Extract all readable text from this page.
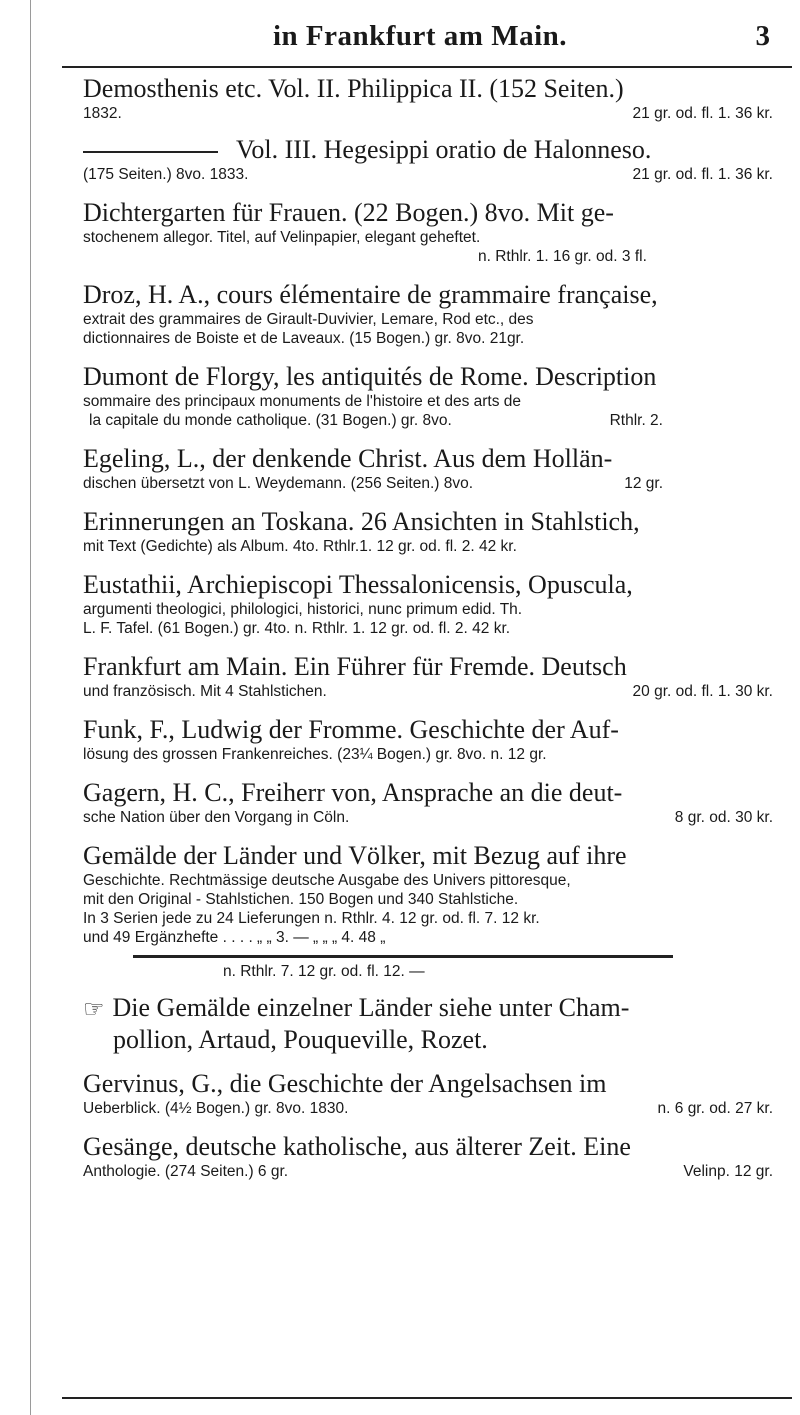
in Frankfurt am Main.	3
Demosthenis etc. Vol. II. Philippica II. (152 Seiten.)
1832.	21 gr. od. fl. 1. 36 kr.
Vol. III. Hegesippi oratio de Halonneso.
(175 Seiten.) 8vo. 1833.	21 gr. od. fl. 1. 36 kr.
Dichtergarten für Frauen. (22 Bogen.) 8vo. Mit ge-
stochenem allegor. Titel, auf Velinpapier, elegant geheftet.
n. Rthlr. 1. 16 gr. od. 3 fl.
Droz, H. A., cours élémentaire de grammaire française,
extrait des grammaires de Girault-Duvivier, Lemare, Rod etc., des
dictionnaires de Boiste et de Laveaux. (15 Bogen.) gr. 8vo. 21gr.
Dumont de Florgy, les antiquités de Rome. Description
sommaire des principaux monuments de l'histoire et des arts de
la capitale du monde catholique. (31 Bogen.) gr. 8vo.	Rthlr. 2.
Egeling, L., der denkende Christ. Aus dem Hollän-
dischen übersetzt von L. Weydemann. (256 Seiten.) 8vo.	12 gr.
Erinnerungen an Toskana. 26 Ansichten in Stahlstich,
mit Text (Gedichte) als Album. 4to. Rthlr.1. 12 gr. od. fl. 2. 42 kr.
Eustathii, Archiepiscopi Thessalonicensis, Opuscula,
argumenti theologici, philologici, historici, nunc primum edid. Th.
L. F. Tafel. (61 Bogen.) gr. 4to. n. Rthlr. 1. 12 gr. od. fl. 2. 42 kr.
Frankfurt am Main. Ein Führer für Fremde. Deutsch
und französisch. Mit 4 Stahlstichen.	20 gr. od. fl. 1. 30 kr.
Funk, F., Ludwig der Fromme. Geschichte der Auf-
lösung des grossen Frankenreiches. (23¼ Bogen.) gr. 8vo. n. 12 gr.
Gagern, H. C., Freiherr von, Ansprache an die deut-
sche Nation über den Vorgang in Cöln.	8 gr. od. 30 kr.
Gemälde der Länder und Völker, mit Bezug auf ihre
Geschichte. Rechtmässige deutsche Ausgabe des Univers pittoresque,
mit den Original - Stahlstichen. 150 Bogen und 340 Stahlstiche.
In 3 Serien jede zu 24 Lieferungen n. Rthlr. 4. 12 gr. od. fl. 7. 12 kr.
und 49 Ergänzhefte . . . . „ „ 3. — „ „ „ 4. 48 „
n. Rthlr. 7. 12 gr. od. fl. 12. —
☞ Die Gemälde einzelner Länder siehe unter Cham-
pollion, Artaud, Pouqueville, Rozet.
Gervinus, G., die Geschichte der Angelsachsen im
Ueberblick. (4½ Bogen.) gr. 8vo. 1830.	n. 6 gr. od. 27 kr.
Gesänge, deutsche katholische, aus älterer Zeit. Eine
Anthologie. (274 Seiten.) 6 gr.	Velinp. 12 gr.
